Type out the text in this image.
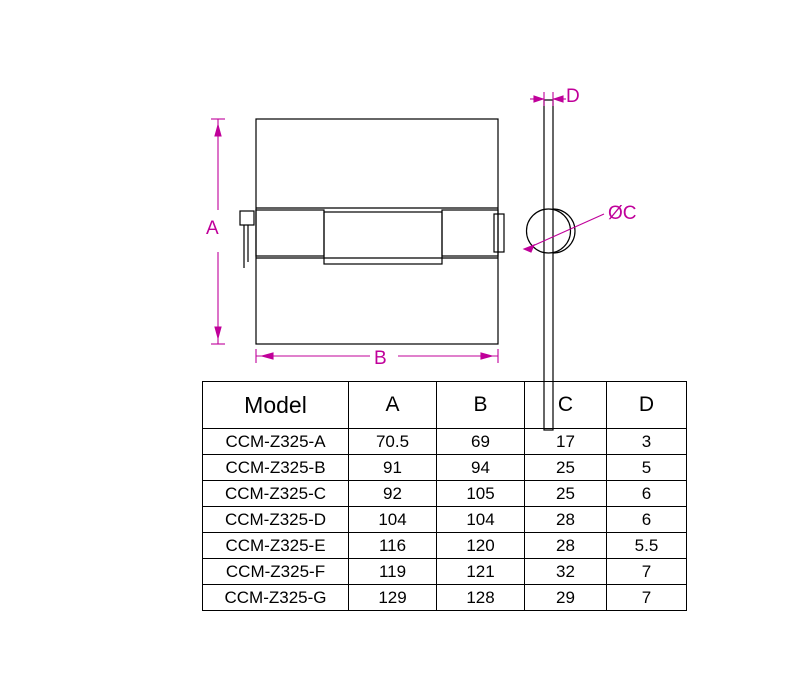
A
B
ØC
D
Model	A	B	C	D
CCM-Z325-A	70.5	69	17	3
CCM-Z325-B	91	94	25	5
CCM-Z325-C	92	105	25	6
CCM-Z325-D	104	104	28	6
CCM-Z325-E	116	120	28	5.5
CCM-Z325-F	119	121	32	7
CCM-Z325-G	129	128	29	7
